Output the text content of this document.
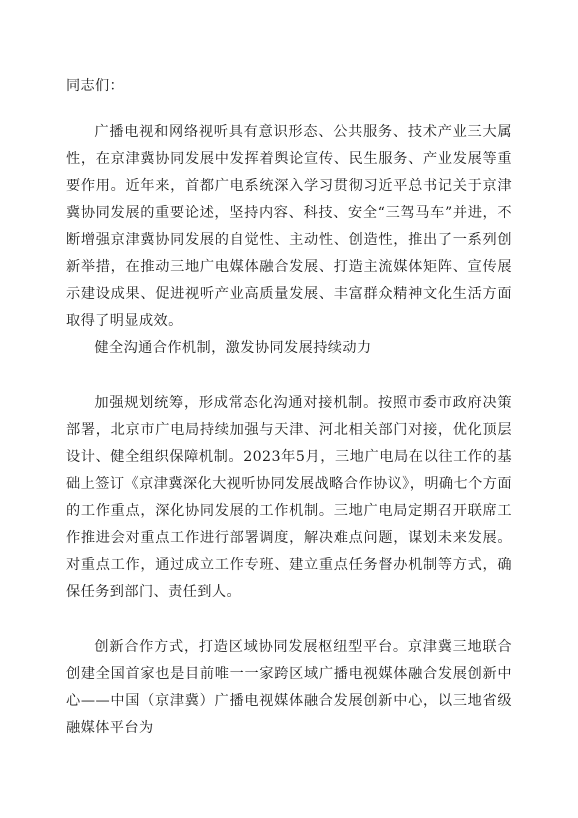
同志们：

广播电视和网络视听具有意识形态、公共服务、技术产业三大属性，在京津冀协同发展中发挥着舆论宣传、民生服务、产业发展等重要作用。近年来，首都广电系统深入学习贯彻习近平总书记关于京津冀协同发展的重要论述，坚持内容、科技、安全“三驾马车”并进，不断增强京津冀协同发展的自觉性、主动性、创造性，推出了一系列创新举措，在推动三地广电媒体融合发展、打造主流媒体矩阵、宣传展示建设成果、促进视听产业高质量发展、丰富群众精神文化生活方面取得了明显成效。

健全沟通合作机制，激发协同发展持续动力

加强规划统筹，形成常态化沟通对接机制。按照市委市政府决策部署，北京市广电局持续加强与天津、河北相关部门对接，优化顶层设计、健全组织保障机制。2023年5月，三地广电局在以往工作的基础上签订《京津冀深化大视听协同发展战略合作协议》，明确七个方面的工作重点，深化协同发展的工作机制。三地广电局定期召开联席工作推进会对重点工作进行部署调度，解决难点问题，谋划未来发展。对重点工作，通过成立工作专班、建立重点任务督办机制等方式，确保任务到部门、责任到人。

创新合作方式，打造区域协同发展枢纽型平台。京津冀三地联合创建全国首家也是目前唯一一家跨区域广播电视媒体融合发展创新中心——中国（京津冀）广播电视媒体融合发展创新中心，以三地省级融媒体平台为
